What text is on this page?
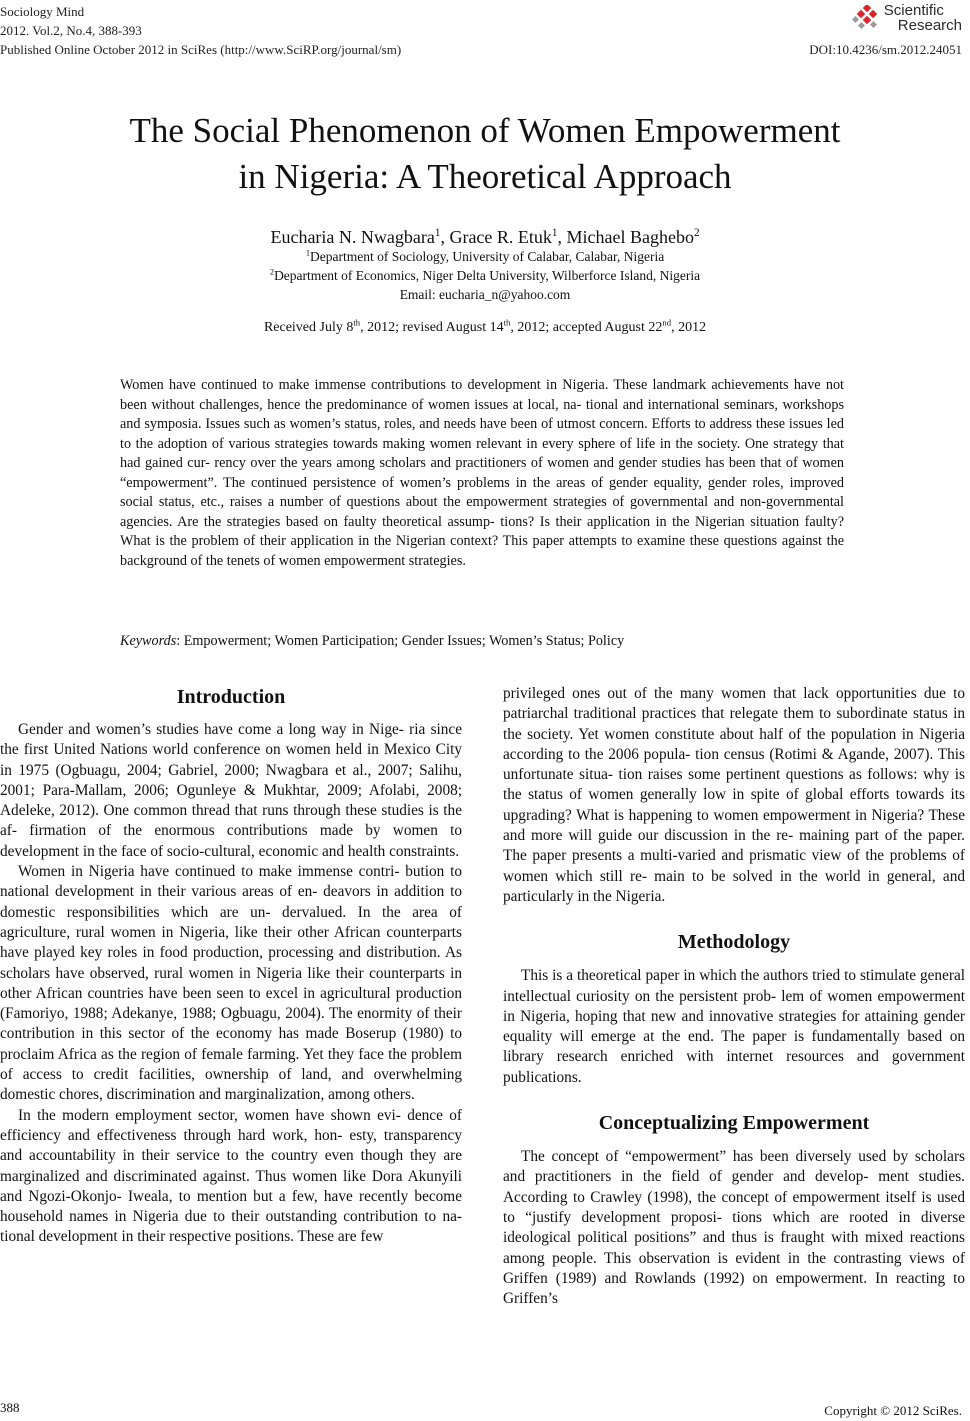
Sociology Mind
2012. Vol.2, No.4, 388-393
Published Online October 2012 in SciRes (http://www.SciRP.org/journal/sm)	DOI:10.4236/sm.2012.24051
Scientific
Research
The Social Phenomenon of Women Empowerment
in Nigeria: A Theoretical Approach
Eucharia N. Nwagbara$^1$, Grace R. Etuk$^1$, Michael Baghebo$^2$
$^1$Department of Sociology, University of Calabar, Calabar, Nigeria
$^2$Department of Economics, Niger Delta University, Wilberforce Island, Nigeria
Email: eucharia_n@yahoo.com
Received July 8th, 2012; revised August 14th, 2012; accepted August 22nd, 2012

Women have continued to make immense contributions to development in Nigeria. These landmark achievements have not been without challenges, hence the predominance of women issues at local, na- tional and international seminars, workshops and symposia. Issues such as women’s status, roles, and needs have been of utmost concern. Efforts to address these issues led to the adoption of various strategies towards making women relevant in every sphere of life in the society. One strategy that had gained cur- rency over the years among scholars and practitioners of women and gender studies has been that of women “empowerment”. The continued persistence of women’s problems in the areas of gender equality, gender roles, improved social status, etc., raises a number of questions about the empowerment strategies of governmental and non-governmental agencies. Are the strategies based on faulty theoretical assump- tions? Is their application in the Nigerian situation faulty? What is the problem of their application in the Nigerian context? This paper attempts to examine these questions against the background of the tenets of women empowerment strategies.

Keywords: Empowerment; Women Participation; Gender Issues; Women’s Status; Policy
Introduction

Gender and women’s studies have come a long way in Nige- ria since the first United Nations world conference on women held in Mexico City in 1975 (Ogbuagu, 2004; Gabriel, 2000; Nwagbara et al., 2007; Salihu, 2001; Para-Mallam, 2006; Ogunleye & Mukhtar, 2009; Afolabi, 2008; Adeleke, 2012). One common thread that runs through these studies is the af- firmation of the enormous contributions made by women to development in the face of socio-cultural, economic and health constraints.

Women in Nigeria have continued to make immense contri- bution to national development in their various areas of en- deavors in addition to domestic responsibilities which are un- dervalued. In the area of agriculture, rural women in Nigeria, like their other African counterparts have played key roles in food production, processing and distribution. As scholars have observed, rural women in Nigeria like their counterparts in other African countries have been seen to excel in agricultural production (Famoriyo, 1988; Adekanye, 1988; Ogbuagu, 2004). The enormity of their contribution in this sector of the economy has made Boserup (1980) to proclaim Africa as the region of female farming. Yet they face the problem of access to credit facilities, ownership of land, and overwhelming domestic chores, discrimination and marginalization, among others.

In the modern employment sector, women have shown evi- dence of efficiency and effectiveness through hard work, hon- esty, transparency and accountability in their service to the country even though they are marginalized and discriminated against. Thus women like Dora Akunyili and Ngozi-Okonjo- Iweala, to mention but a few, have recently become household names in Nigeria due to their outstanding contribution to na- tional development in their respective positions. These are few

privileged ones out of the many women that lack opportunities due to patriarchal traditional practices that relegate them to subordinate status in the society. Yet women constitute about half of the population in Nigeria according to the 2006 popula- tion census (Rotimi & Agande, 2007). This unfortunate situa- tion raises some pertinent questions as follows: why is the status of women generally low in spite of global efforts towards its upgrading? What is happening to women empowerment in Nigeria? These and more will guide our discussion in the re- maining part of the paper. The paper presents a multi-varied and prismatic view of the problems of women which still re- main to be solved in the world in general, and particularly in the Nigeria.

Methodology

This is a theoretical paper in which the authors tried to stimulate general intellectual curiosity on the persistent prob- lem of women empowerment in Nigeria, hoping that new and innovative strategies for attaining gender equality will emerge at the end. The paper is fundamentally based on library research enriched with internet resources and government publications.

Conceptualizing Empowerment

The concept of “empowerment” has been diversely used by scholars and practitioners in the field of gender and develop- ment studies. According to Crawley (1998), the concept of empowerment itself is used to “justify development proposi- tions which are rooted in diverse ideological political positions” and thus is fraught with mixed reactions among people. This observation is evident in the contrasting views of Griffen (1989) and Rowlands (1992) on empowerment. In reacting to Griffen’s

388	Copyright © 2012 SciRes.
